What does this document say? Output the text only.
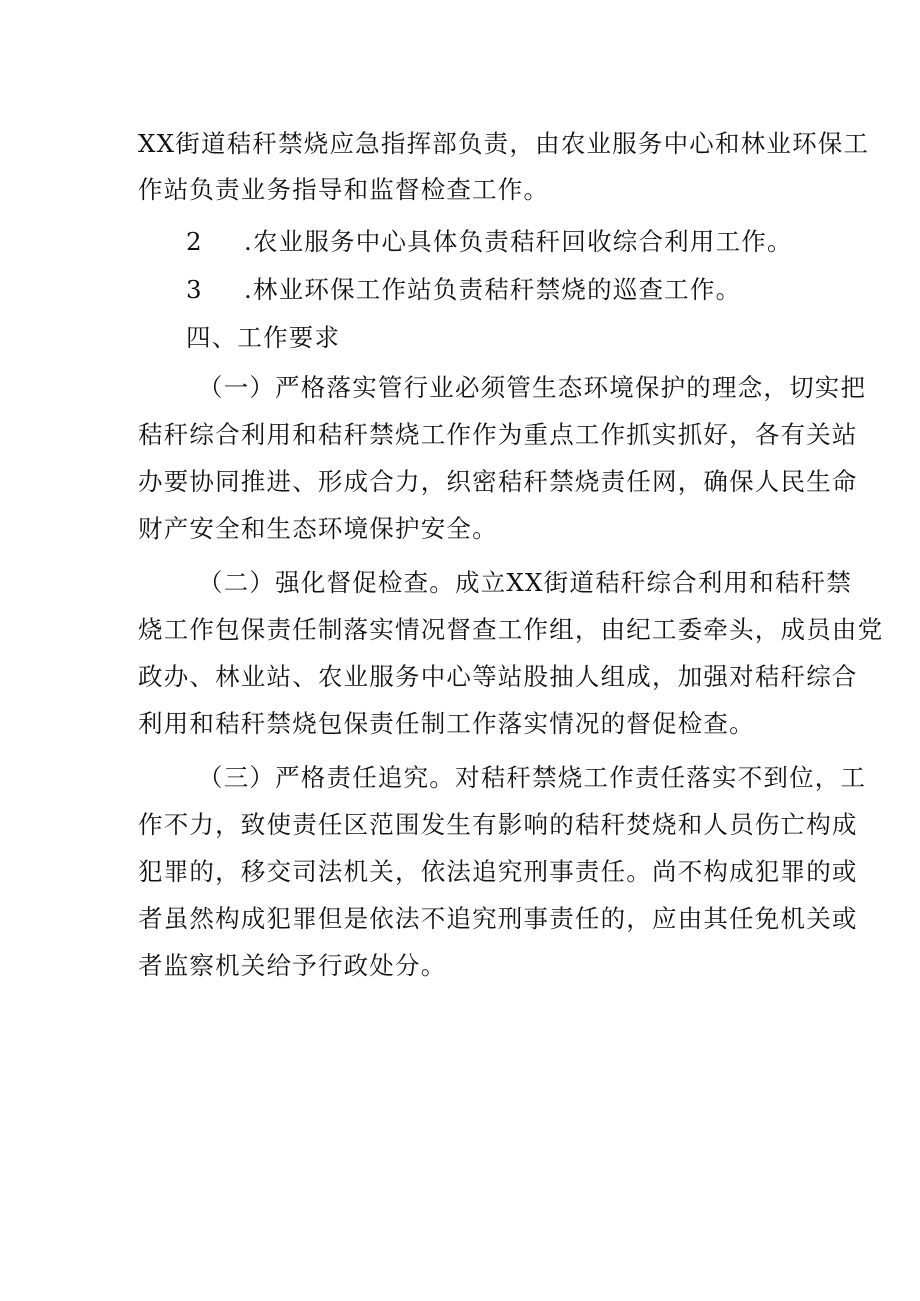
XX街道秸秆禁烧应急指挥部负责，由农业服务中心和林业环保工
作站负责业务指导和监督检查工作。
2 .农业服务中心具体负责秸秆回收综合利用工作。
3 .林业环保工作站负责秸秆禁烧的巡查工作。
四、工作要求
（一）严格落实管行业必须管生态环境保护的理念，切实把
秸秆综合利用和秸秆禁烧工作作为重点工作抓实抓好，各有关站
办要协同推进、形成合力，织密秸秆禁烧责任网，确保人民生命
财产安全和生态环境保护安全。
（二）强化督促检查。成立XX街道秸秆综合利用和秸秆禁
烧工作包保责任制落实情况督查工作组，由纪工委牵头，成员由党
政办、林业站、农业服务中心等站股抽人组成，加强对秸秆综合
利用和秸秆禁烧包保责任制工作落实情况的督促检查。
（三）严格责任追究。对秸秆禁烧工作责任落实不到位，工
作不力，致使责任区范围发生有影响的秸秆焚烧和人员伤亡构成
犯罪的，移交司法机关，依法追究刑事责任。尚不构成犯罪的或
者虽然构成犯罪但是依法不追究刑事责任的，应由其任免机关或
者监察机关给予行政处分。
